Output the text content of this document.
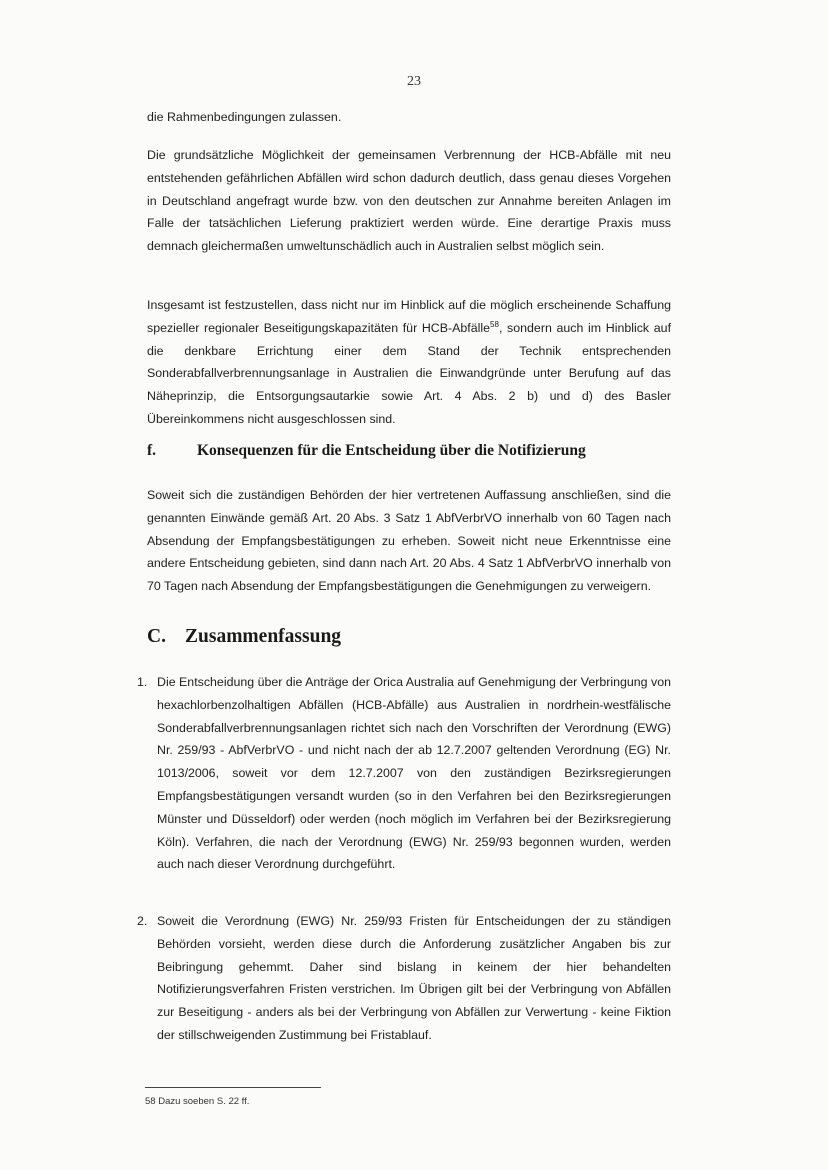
23

die Rahmenbedingungen zulassen.

Die grundsätzliche Möglichkeit der gemeinsamen Verbrennung der HCB-Abfälle mit neu entstehenden gefährlichen Abfällen wird schon dadurch deutlich, dass genau dieses Vorgehen in Deutschland angefragt wurde bzw. von den deutschen zur Annahme bereiten Anlagen im Falle der tatsächlichen Lieferung praktiziert werden würde. Eine derartige Praxis muss demnach gleichermaßen umweltunschädlich auch in Australien selbst möglich sein.

Insgesamt ist festzustellen, dass nicht nur im Hinblick auf die möglich erscheinende Schaffung spezieller regionaler Beseitigungskapazitäten für HCB-Abfälle$^{58}$, sondern auch im Hinblick auf die denkbare Errichtung einer dem Stand der Technik entsprechenden Sonderabfallverbrennungsanlage in Australien die Einwandgründe unter Berufung auf das Näheprinzip, die Entsorgungsautarkie sowie Art. 4 Abs. 2 b) und d) des Basler Übereinkommens nicht ausgeschlossen sind.

f.	Konsequenzen für die Entscheidung über die Notifizierung

Soweit sich die zuständigen Behörden der hier vertretenen Auffassung anschließen, sind die genannten Einwände gemäß Art. 20 Abs. 3 Satz 1 AbfVerbrVO innerhalb von 60 Tagen nach Absendung der Empfangsbestätigungen zu erheben. Soweit nicht neue Erkenntnisse eine andere Entscheidung gebieten, sind dann nach Art. 20 Abs. 4 Satz 1 AbfVerbrVO innerhalb von 70 Tagen nach Absendung der Empfangsbestätigungen die Genehmigungen zu verweigern.

C. Zusammenfassung
1. Die Entscheidung über die Anträge der Orica Australia auf Genehmigung der Verbringung von hexachlorbenzolhaltigen Abfällen (HCB-Abfälle) aus Australien in nordrhein-westfälische Sonderabfallverbrennungsanlagen richtet sich nach den Vorschriften der Verordnung (EWG) Nr. 259/93 - AbfVerbrVO - und nicht nach der ab 12.7.2007 geltenden Verordnung (EG) Nr. 1013/2006, soweit vor dem 12.7.2007 von den zuständigen Bezirksregierungen Empfangsbestätigungen versandt wurden (so in den Verfahren bei den Bezirksregierungen Münster und Düsseldorf) oder werden (noch möglich im Verfahren bei der Bezirksregierung Köln). Verfahren, die nach der Verordnung (EWG) Nr. 259/93 begonnen wurden, werden auch nach dieser Verordnung durchgeführt.
2. Soweit die Verordnung (EWG) Nr. 259/93 Fristen für Entscheidungen der zu ständigen Behörden vorsieht, werden diese durch die Anforderung zusätzlicher Angaben bis zur Beibringung gehemmt. Daher sind bislang in keinem der hier behandelten Notifizierungsverfahren Fristen verstrichen. Im Übrigen gilt bei der Verbringung von Abfällen zur Beseitigung - anders als bei der Verbringung von Abfällen zur Verwertung - keine Fiktion der stillschweigenden Zustimmung bei Fristablauf.
58 Dazu soeben S. 22 ff.
